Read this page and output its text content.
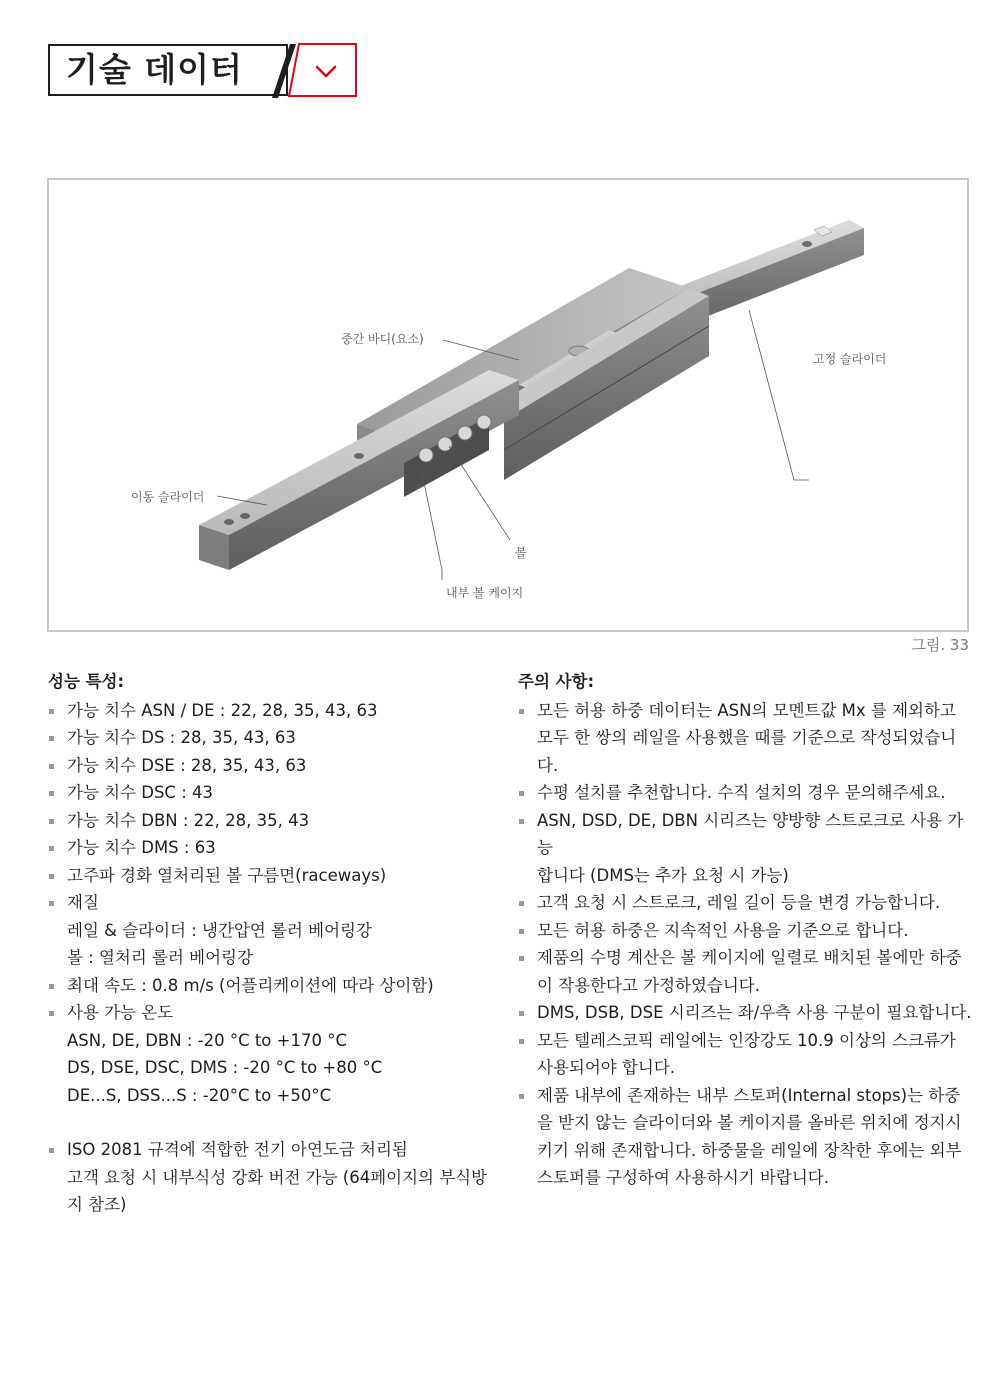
기술 데이터
중간 바디(요소)
고정 슬라이더
이동 슬라이더
볼
내부 볼 케이지
그림. 33
성능 특성:
가능 치수 ASN / DE : 22, 28, 35, 43, 63
가능 치수 DS : 28, 35, 43, 63
가능 치수 DSE : 28, 35, 43, 63
가능 치수 DSC : 43
가능 치수 DBN : 22, 28, 35, 43
가능 치수 DMS : 63
고주파 경화 열처리된 볼 구름면(raceways)
재질
레일 & 슬라이더 : 냉간압연 롤러 베어링강
볼 : 열처리 롤러 베어링강
최대 속도 : 0.8 m/s (어플리케이션에 따라 상이함)
사용 가능 온도
ASN, DE, DBN : -20 °C to +170 °C
DS, DSE, DSC, DMS : -20 °C to +80 °C
DE...S, DSS...S : -20°C to +50°C
ISO 2081 규격에 적합한 전기 아연도금 처리됨
고객 요청 시 내부식성 강화 버전 가능 (64페이지의 부식방
지 참조)
주의 사항:
모든 허용 하중 데이터는 ASN의 모멘트값 Mx 를 제외하고
모두 한 쌍의 레일을 사용했을 때를 기준으로 작성되었습니
다.
수평 설치를 추천합니다. 수직 설치의 경우 문의해주세요.
ASN, DSD, DE, DBN 시리즈는 양방향 스트로크로 사용 가능
합니다 (DMS는 추가 요청 시 가능)
고객 요청 시 스트로크, 레일 길이 등을 변경 가능합니다.
모든 허용 하중은 지속적인 사용을 기준으로 합니다.
제품의 수명 계산은 볼 케이지에 일렬로 배치된 볼에만 하중
이 작용한다고 가정하였습니다.
DMS, DSB, DSE 시리즈는 좌/우측 사용 구분이 필요합니다.
모든 텔레스코픽 레일에는 인장강도 10.9 이상의 스크류가
사용되어야 합니다.
제품 내부에 존재하는 내부 스토퍼(Internal stops)는 하중
을 받지 않는 슬라이더와 볼 케이지를 올바른 위치에 정지시
키기 위해 존재합니다. 하중물을 레일에 장착한 후에는 외부
스토퍼를 구성하여 사용하시기 바랍니다.
